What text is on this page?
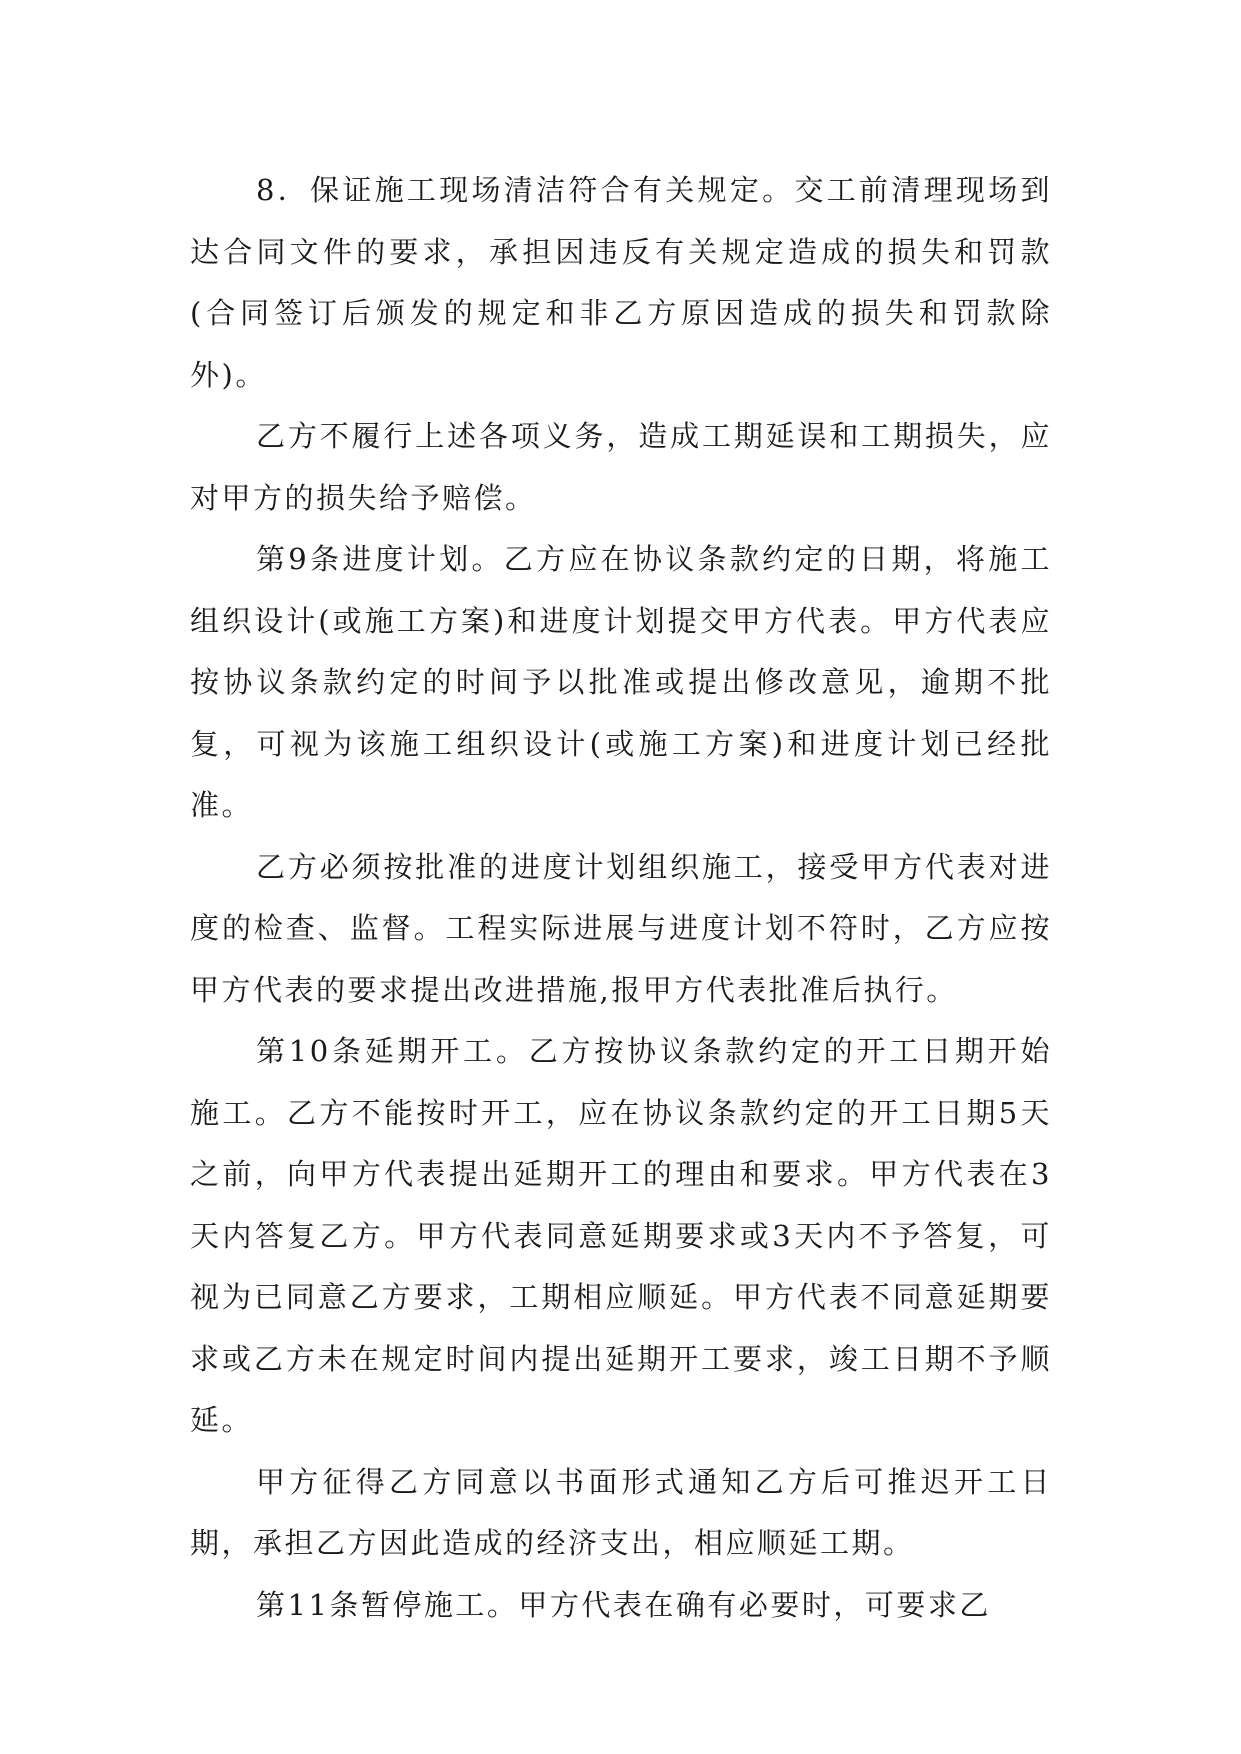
8．保证施工现场清洁符合有关规定。交工前清理现场到达合同文件的要求，承担因违反有关规定造成的损失和罚款(合同签订后颁发的规定和非乙方原因造成的损失和罚款除外)。

乙方不履行上述各项义务，造成工期延误和工期损失，应对甲方的损失给予赔偿。

第9条进度计划。乙方应在协议条款约定的日期，将施工组织设计(或施工方案)和进度计划提交甲方代表。甲方代表应按协议条款约定的时间予以批准或提出修改意见，逾期不批复，可视为该施工组织设计(或施工方案)和进度计划已经批准。

乙方必须按批准的进度计划组织施工，接受甲方代表对进度的检查、监督。工程实际进展与进度计划不符时，乙方应按甲方代表的要求提出改进措施,报甲方代表批准后执行。

第10条延期开工。乙方按协议条款约定的开工日期开始施工。乙方不能按时开工，应在协议条款约定的开工日期5天之前，向甲方代表提出延期开工的理由和要求。甲方代表在3天内答复乙方。甲方代表同意延期要求或3天内不予答复，可视为已同意乙方要求，工期相应顺延。甲方代表不同意延期要求或乙方未在规定时间内提出延期开工要求，竣工日期不予顺延。

甲方征得乙方同意以书面形式通知乙方后可推迟开工日期，承担乙方因此造成的经济支出，相应顺延工期。

第11条暂停施工。甲方代表在确有必要时，可要求乙
